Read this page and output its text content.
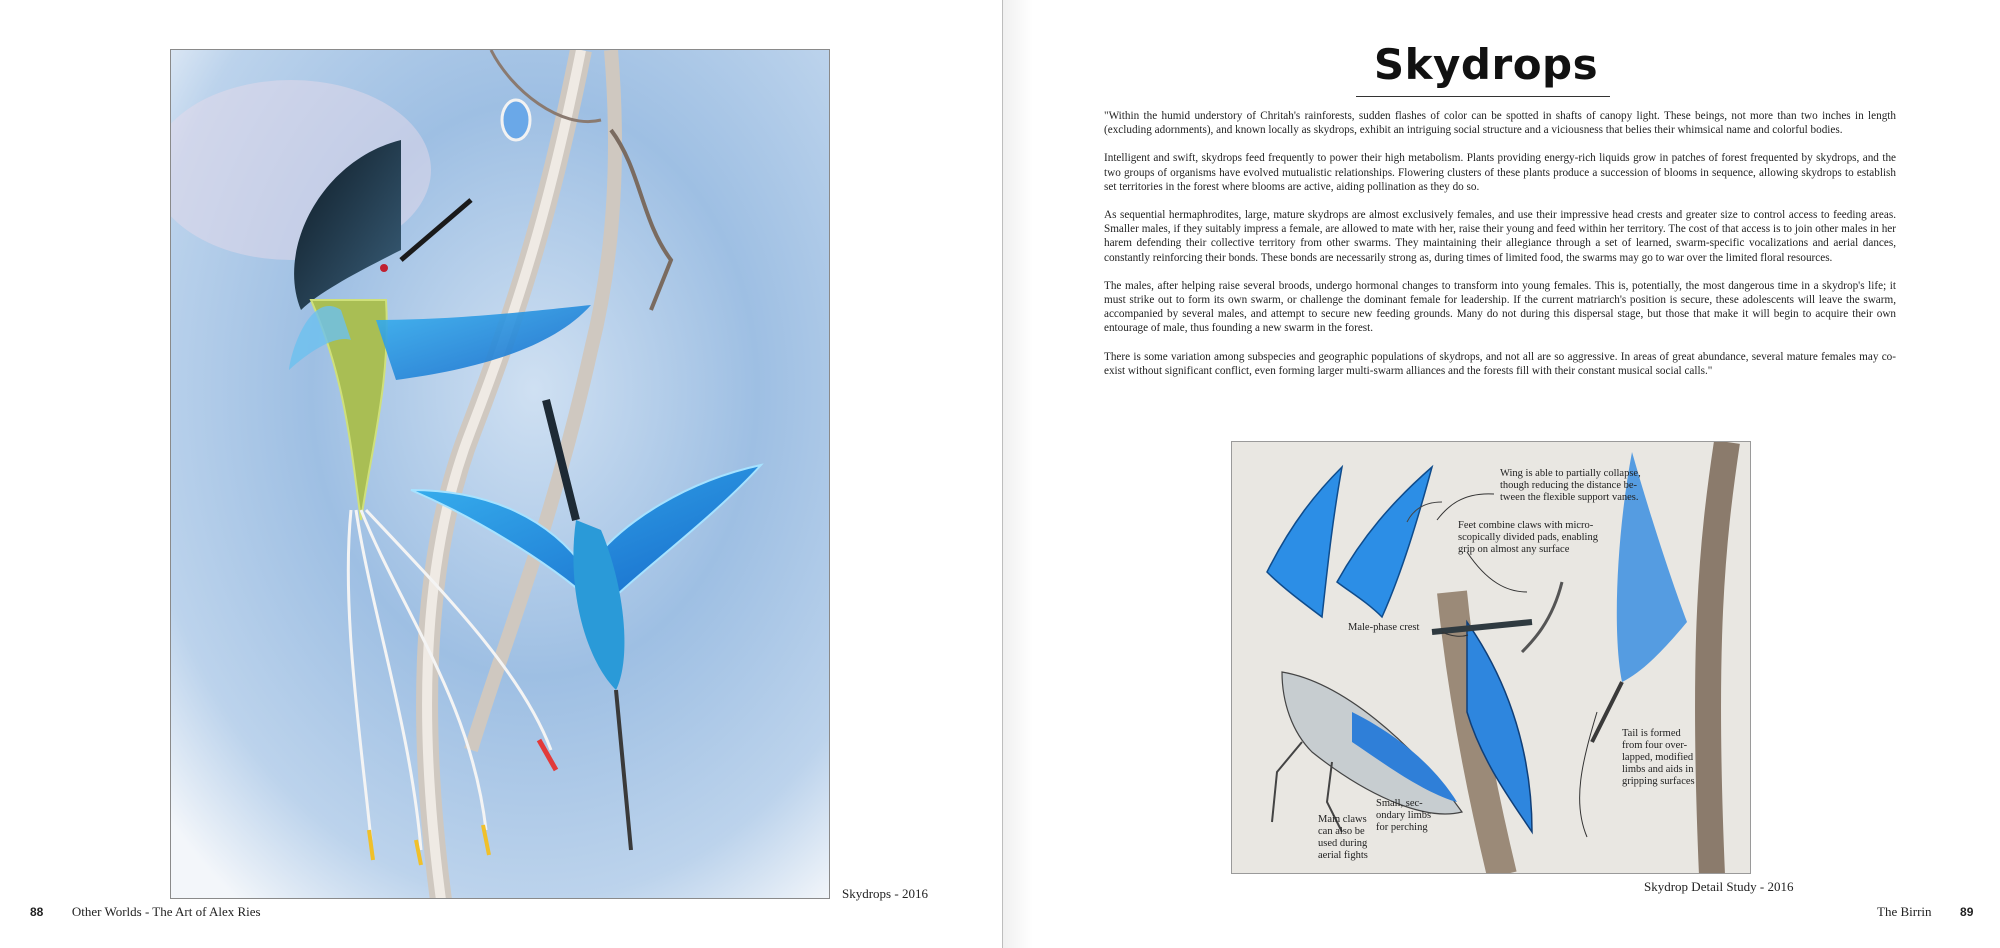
Skydrops - 2016
88 Other Worlds - The Art of Alex Ries
Skydrops

"Within the humid understory of Chritah's rainforests, sudden flashes of color can be spotted in shafts of canopy light. These beings, not more than two inches in length (excluding adornments), and known locally as skydrops, exhibit an intriguing social structure and a viciousness that belies their whimsical name and colorful bodies.

Intelligent and swift, skydrops feed frequently to power their high metabolism. Plants providing energy-rich liquids grow in patches of forest frequented by skydrops, and the two groups of organisms have evolved mutualistic relationships. Flowering clusters of these plants produce a succession of blooms in sequence, allowing skydrops to establish set territories in the forest where blooms are active, aiding pollination as they do so.

As sequential hermaphrodites, large, mature skydrops are almost exclusively females, and use their impressive head crests and greater size to control access to feeding areas. Smaller males, if they suitably impress a female, are allowed to mate with her, raise their young and feed within her territory. The cost of that access is to join other males in her harem defending their collective territory from other swarms. They maintaining their allegiance through a set of learned, swarm-specific vocalizations and aerial dances, constantly reinforcing their bonds. These bonds are necessarily strong as, during times of limited food, the swarms may go to war over the limited floral resources.

The males, after helping raise several broods, undergo hormonal changes to transform into young females. This is, potentially, the most dangerous time in a skydrop's life; it must strike out to form its own swarm, or challenge the dominant female for leadership. If the current matriarch's position is secure, these adolescents will leave the swarm, accompanied by several males, and attempt to secure new feeding grounds. Many do not during this dispersal stage, but those that make it will begin to acquire their own entourage of male, thus founding a new swarm in the forest.

There is some variation among subspecies and geographic populations of skydrops, and not all are so aggressive. In areas of great abundance, several mature females may co-exist without significant conflict, even forming larger multi-swarm alliances and the forests fill with their constant musical social calls."

Wing is able to partially collapse,
though reducing the distance be-
tween the flexible support vanes.
Feet combine claws with micro-
scopically divided pads, enabling
grip on almost any surface
Male-phase crest
Tail is formed
from four over-
lapped, modified
limbs and aids in
gripping surfaces
Small, sec-
ondary limbs
for perching
Main claws
can also be
used during
aerial fights
Skydrop Detail Study - 2016
The Birrin 89
